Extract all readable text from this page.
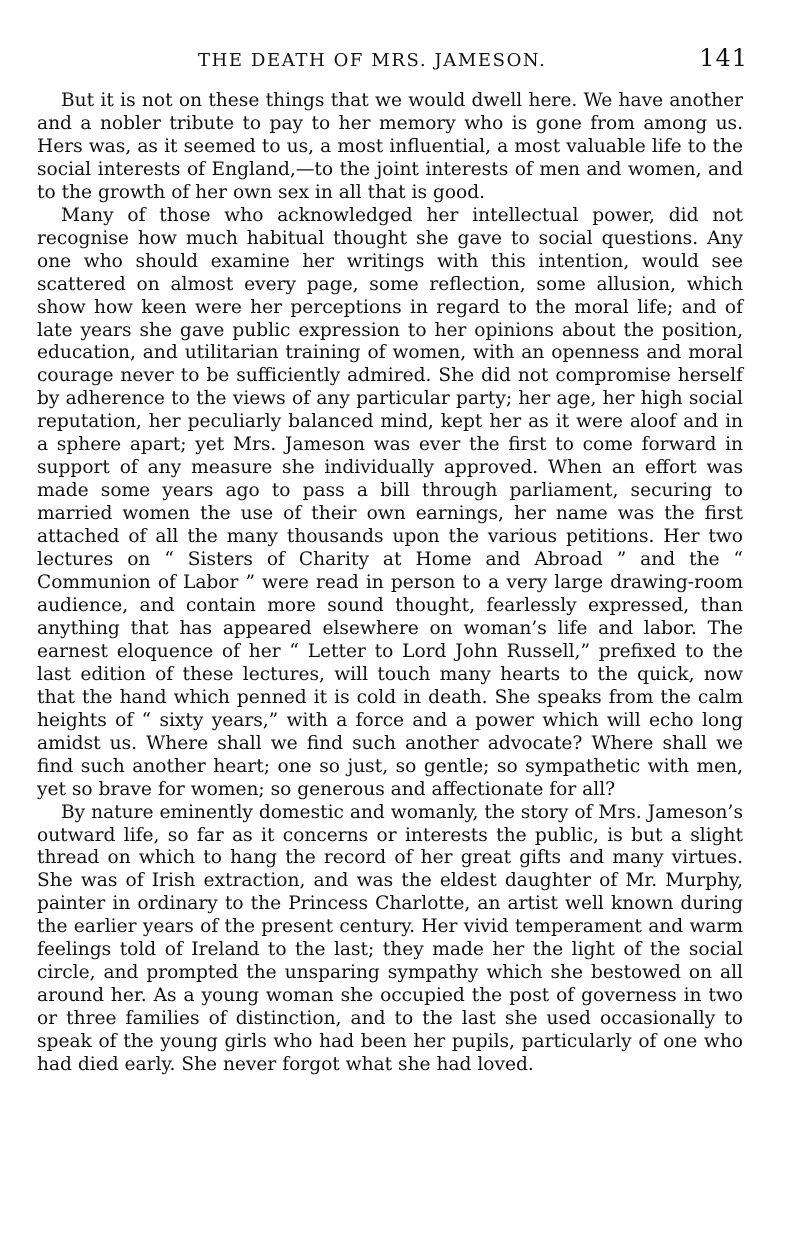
THE DEATH OF MRS. JAMESON.	141

But it is not on these things that we would dwell here. We have another and a nobler tribute to pay to her memory who is gone from among us. Hers was, as it seemed to us, a most influential, a most valuable life to the social interests of England,—to the joint interests of men and women, and to the growth of her own sex in all that is good.

Many of those who acknowledged her intellectual power, did not recognise how much habitual thought she gave to social questions. Any one who should examine her writings with this intention, would see scattered on almost every page, some reflection, some allusion, which show how keen were her perceptions in regard to the moral life; and of late years she gave public expression to her opinions about the position, education, and utilitarian training of women, with an openness and moral courage never to be sufficiently admired. She did not compromise herself by adherence to the views of any particular party; her age, her high social reputation, her peculiarly balanced mind, kept her as it were aloof and in a sphere apart; yet Mrs. Jameson was ever the first to come forward in support of any measure she individually approved. When an effort was made some years ago to pass a bill through parliament, securing to married women the use of their own earnings, her name was the first attached of all the many thousands upon the various petitions. Her two lectures on “ Sisters of Charity at Home and Abroad ” and the “ Communion of Labor ” were read in person to a very large drawing-room audience, and contain more sound thought, fearlessly expressed, than anything that has appeared elsewhere on woman’s life and labor. The earnest eloquence of her “ Letter to Lord John Russell,” prefixed to the last edition of these lectures, will touch many hearts to the quick, now that the hand which penned it is cold in death. She speaks from the calm heights of “ sixty years,” with a force and a power which will echo long amidst us. Where shall we find such another advocate? Where shall we find such another heart; one so just, so gentle; so sympathetic with men, yet so brave for women; so generous and affectionate for all?

By nature eminently domestic and womanly, the story of Mrs. Jameson’s outward life, so far as it concerns or interests the public, is but a slight thread on which to hang the record of her great gifts and many virtues. She was of Irish extraction, and was the eldest daughter of Mr. Murphy, painter in ordinary to the Princess Charlotte, an artist well known during the earlier years of the present century. Her vivid temperament and warm feelings told of Ireland to the last; they made her the light of the social circle, and prompted the unsparing sympathy which she bestowed on all around her. As a young woman she occupied the post of governess in two or three families of distinction, and to the last she used occasionally to speak of the young girls who had been her pupils, particularly of one who had died early. She never forgot what she had loved.
